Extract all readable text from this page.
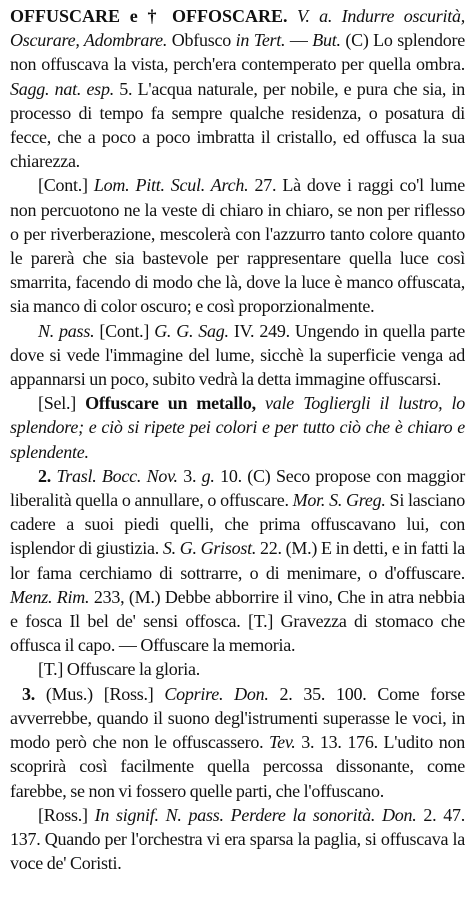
OFFUSCARE e † OFFOSCARE. V. a. Indurre oscurità, Oscurare, Adombrare. Obfusco in Tert. — But. (C) Lo splendore non offuscava la vista, perch'era contemperato per quella ombra. Sagg. nat. esp. 5. L'acqua naturale, per nobile, e pura che sia, in processo di tempo fa sempre qualche residenza, o posatura di fecce, che a poco a poco imbratta il cristallo, ed offusca la sua chiarezza.

[Cont.] Lom. Pitt. Scul. Arch. 27. Là dove i raggi co'l lume non percuotono ne la veste di chiaro in chiaro, se non per riflesso o per riverberazione, mescolerà con l'azzurro tanto colore quanto le parerà che sia bastevole per rappresentare quella luce così smarrita, facendo di modo che là, dove la luce è manco offuscata, sia manco di color oscuro; e così proporzionalmente.

N. pass. [Cont.] G. G. Sag. IV. 249. Ungendo in quella parte dove si vede l'immagine del lume, sicchè la superficie venga ad appannarsi un poco, subito vedrà la detta immagine offuscarsi.

[Sel.] Offuscare un metallo, vale Togliergli il lustro, lo splendore; e ciò si ripete pei colori e per tutto ciò che è chiaro e splendente.

2. Trasl. Bocc. Nov. 3. g. 10. (C) Seco propose con maggior liberalità quella o annullare, o offuscare. Mor. S. Greg. Si lasciano cadere a suoi piedi quelli, che prima offuscavano lui, con isplendor di giustizia. S. G. Grisost. 22. (M.) E in detti, e in fatti la lor fama cerchiamo di sottrarre, o di menimare, o d'offuscare. Menz. Rim. 233, (M.) Debbe abborrire il vino, Che in atra nebbia e fosca Il bel de' sensi offosca. [T.] Gravezza di stomaco che offusca il capo. — Offuscare la memoria.

[T.] Offuscare la gloria.

3. (Mus.) [Ross.] Coprire. Don. 2. 35. 100. Come forse avverrebbe, quando il suono degl'istrumenti superasse le voci, in modo però che non le offuscassero. Tev. 3. 13. 176. L'udito non scoprirà così facilmente quella percossa dissonante, come farebbe, se non vi fossero quelle parti, che l'offuscano.

[Ross.] In signif. N. pass. Perdere la sonorità. Don. 2. 47. 137. Quando per l'orchestra vi era sparsa la paglia, si offuscava la voce de' Coristi.
